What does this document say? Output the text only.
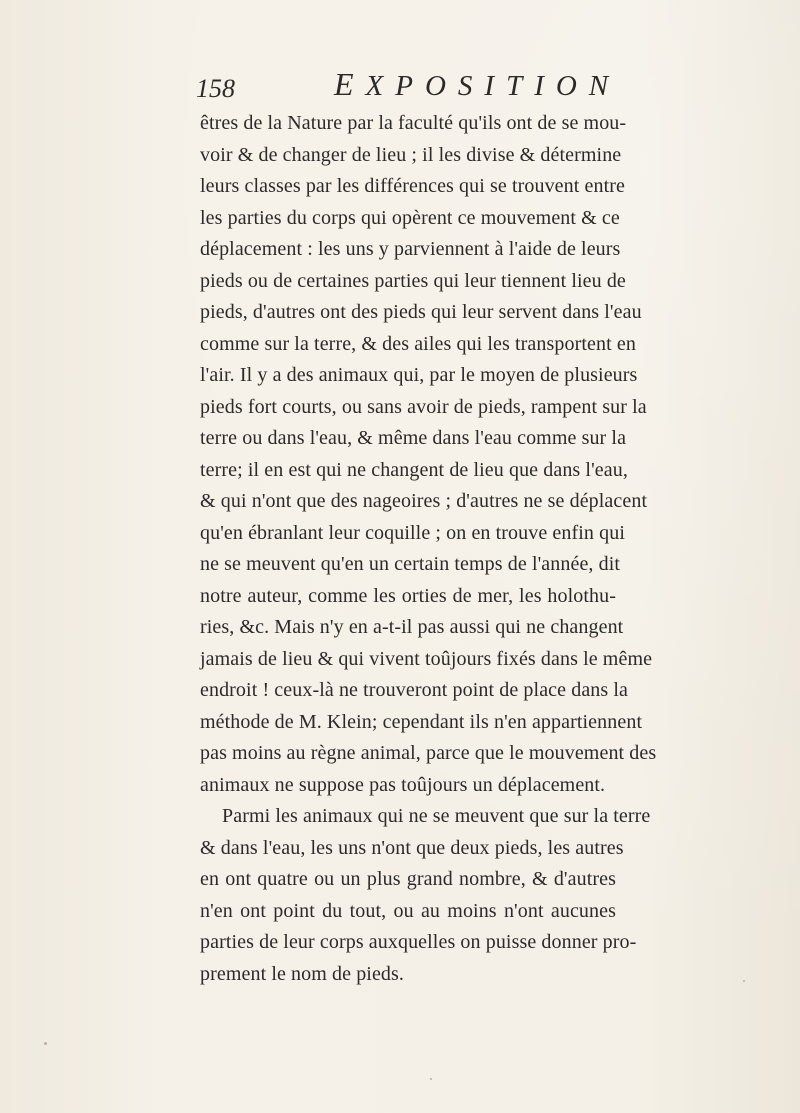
158	EXPOSITION
êtres de la Nature par la faculté qu'ils ont de se mou-
voir & de changer de lieu ; il les divise & détermine
leurs classes par les différences qui se trouvent entre
les parties du corps qui opèrent ce mouvement & ce
déplacement : les uns y parviennent à l'aide de leurs
pieds ou de certaines parties qui leur tiennent lieu de
pieds, d'autres ont des pieds qui leur servent dans l'eau
comme sur la terre, & des ailes qui les transportent en
l'air. Il y a des animaux qui, par le moyen de plusieurs
pieds fort courts, ou sans avoir de pieds, rampent sur la
terre ou dans l'eau, & même dans l'eau comme sur la
terre; il en est qui ne changent de lieu que dans l'eau,
& qui n'ont que des nageoires ; d'autres ne se déplacent
qu'en ébranlant leur coquille ; on en trouve enfin qui
ne se meuvent qu'en un certain temps de l'année, dit
notre auteur, comme les orties de mer, les holothu-
ries, &c. Mais n'y en a-t-il pas aussi qui ne changent
jamais de lieu & qui vivent toûjours fixés dans le même
endroit ! ceux-là ne trouveront point de place dans la
méthode de M. Klein; cependant ils n'en appartiennent
pas moins au règne animal, parce que le mouvement des
animaux ne suppose pas toûjours un déplacement.
Parmi les animaux qui ne se meuvent que sur la terre
& dans l'eau, les uns n'ont que deux pieds, les autres
en ont quatre ou un plus grand nombre, & d'autres
n'en ont point du tout, ou au moins n'ont aucunes
parties de leur corps auxquelles on puisse donner pro-
prement le nom de pieds.
